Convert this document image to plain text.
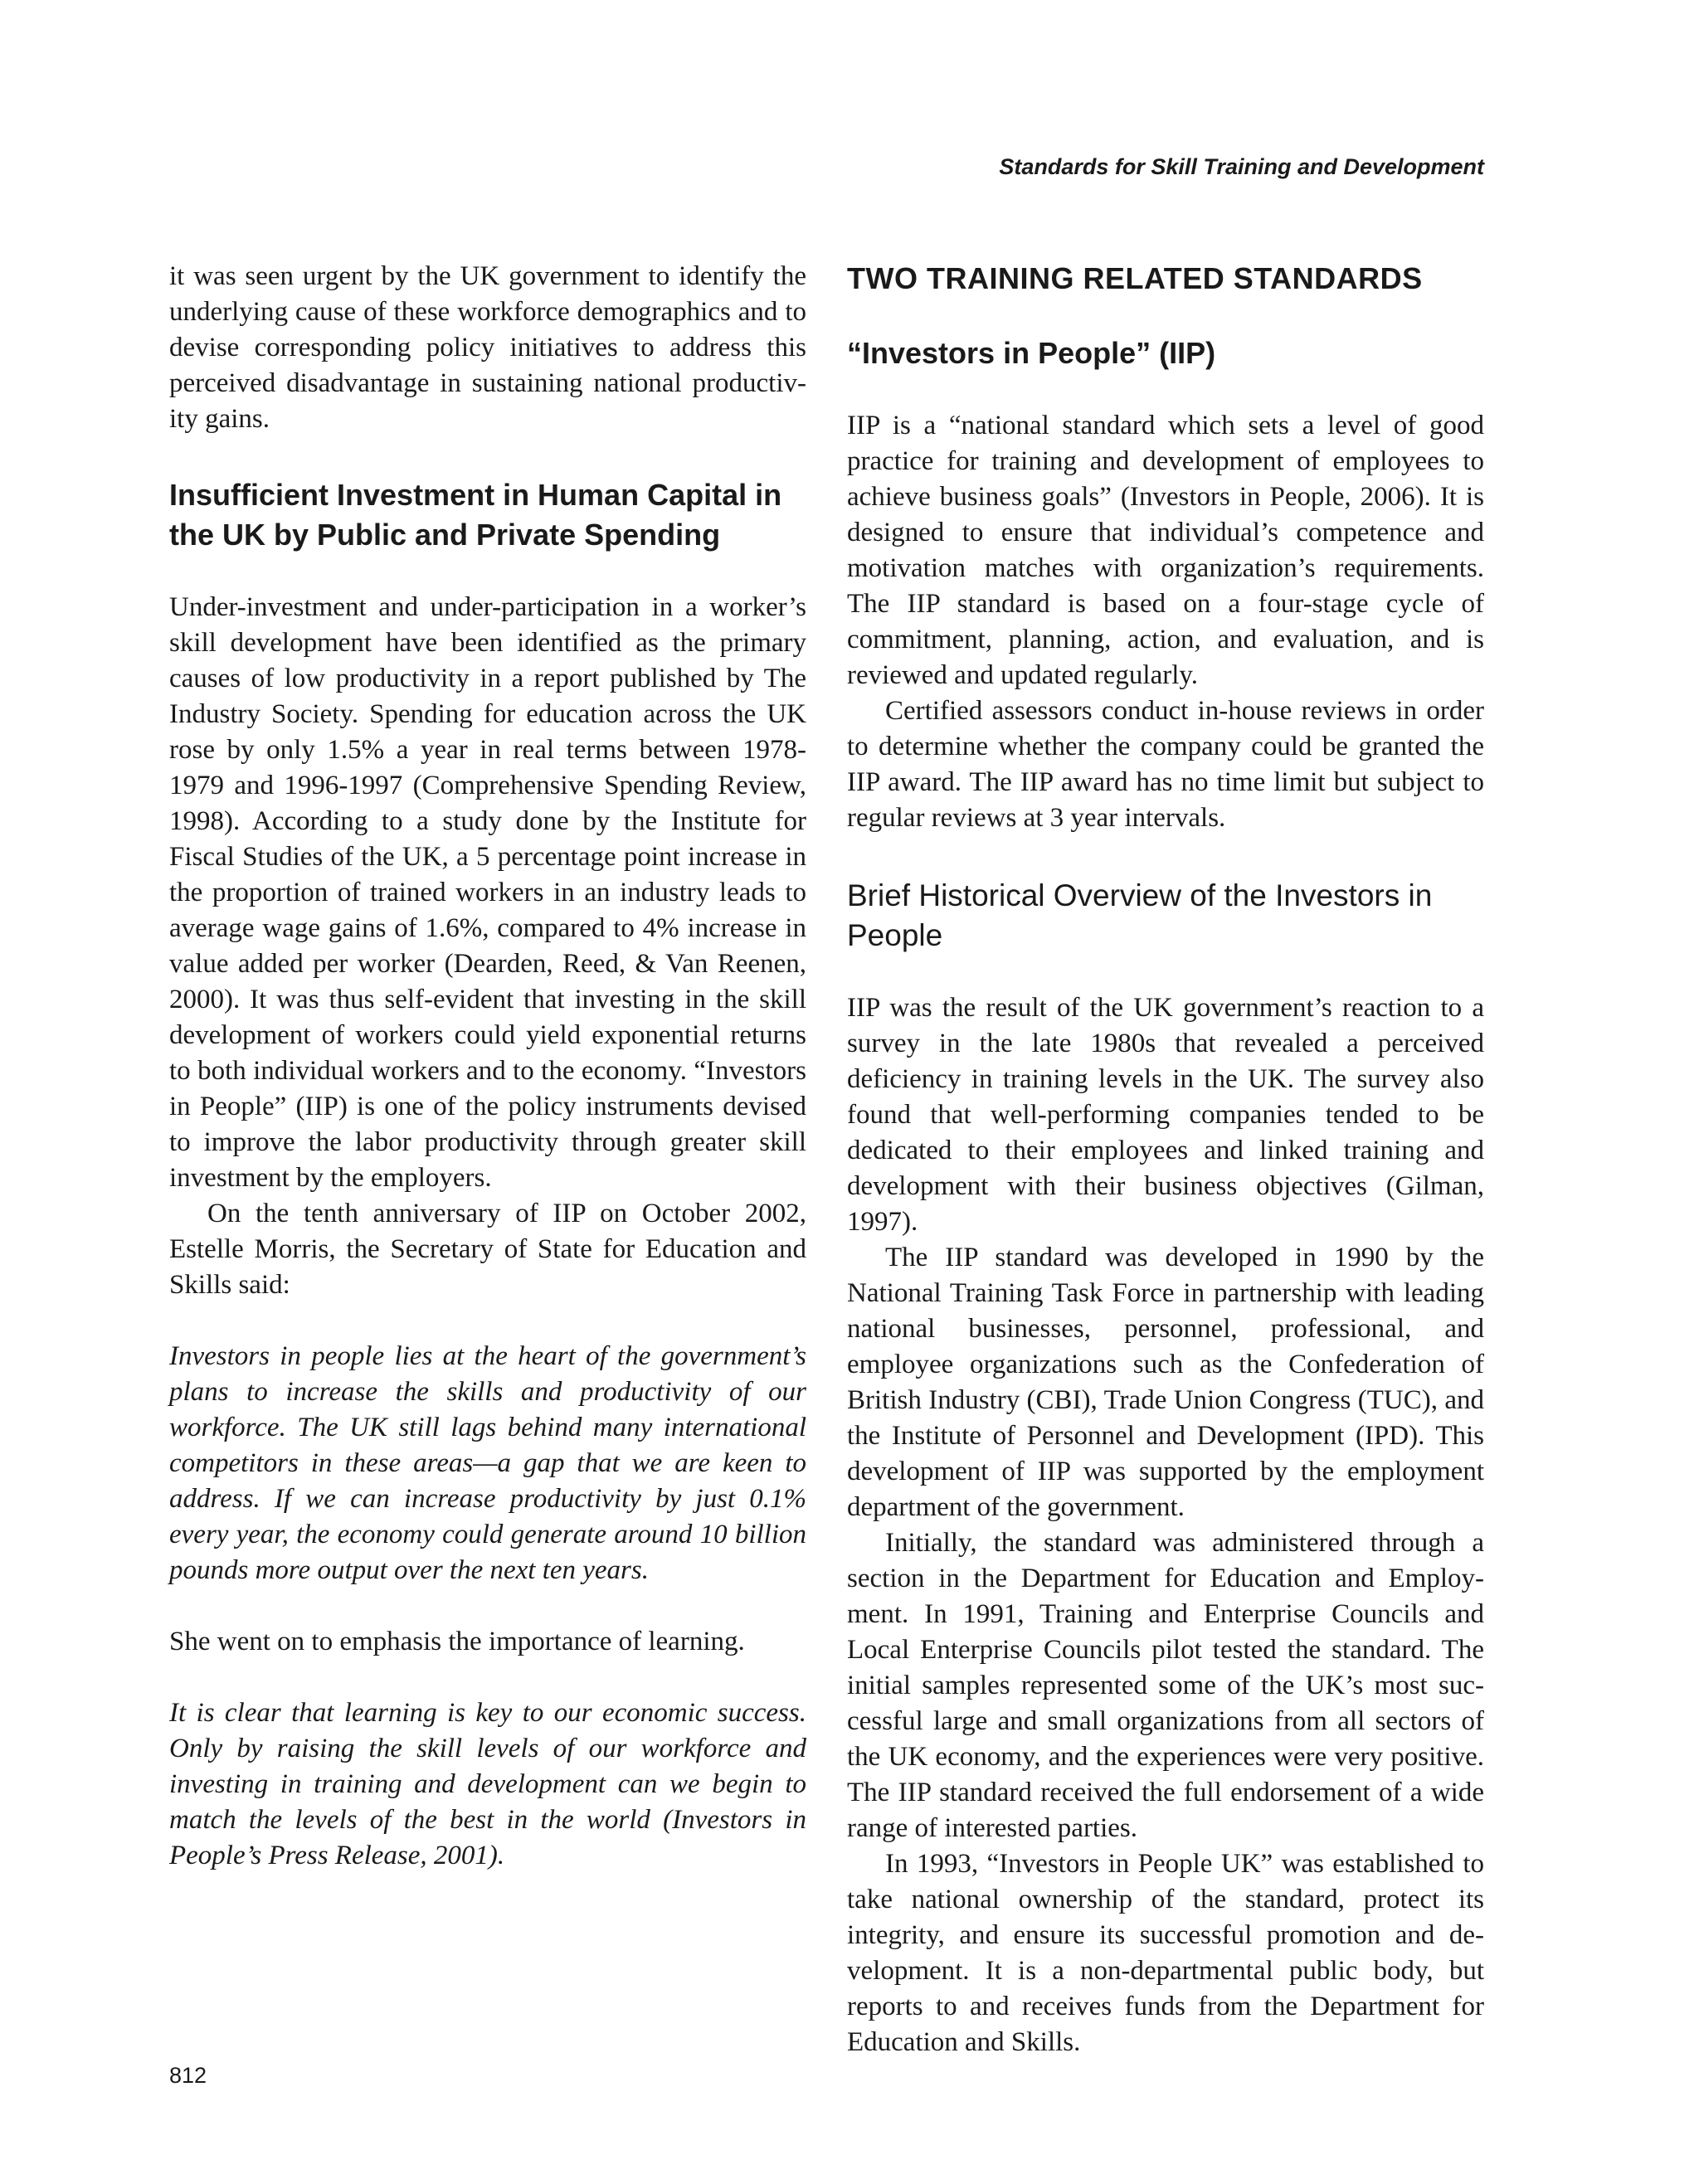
Standards for Skill Training and Development

it was seen urgent by the UK government to identify the underlying cause of these workforce demographics and to devise corresponding policy initiatives to address this perceived disadvantage in sustaining national productivity gains.

Insufficient Investment in Human Capital in the UK by Public and Private Spending

Under-investment and under-participation in a worker’s skill development have been identified as the primary causes of low productivity in a report published by The Industry Society. Spending for education across the UK rose by only 1.5% a year in real terms between 1978-1979 and 1996-1997 (Comprehensive Spending Review, 1998). According to a study done by the Institute for Fiscal Studies of the UK, a 5 percentage point increase in the proportion of trained workers in an industry leads to average wage gains of 1.6%, compared to 4% increase in value added per worker (Dearden, Reed, & Van Reenen, 2000). It was thus self-evident that investing in the skill development of workers could yield exponential returns to both individual workers and to the economy. “Investors in People” (IIP) is one of the policy instruments devised to improve the labor productivity through greater skill investment by the employers.

On the tenth anniversary of IIP on October 2002, Estelle Morris, the Secretary of State for Education and Skills said:

Investors in people lies at the heart of the government’s plans to increase the skills and productivity of our workforce. The UK still lags behind many international competitors in these areas—a gap that we are keen to address. If we can increase productivity by just 0.1% every year, the economy could generate around 10 billion pounds more output over the next ten years.

She went on to emphasis the importance of learning.

It is clear that learning is key to our economic success. Only by raising the skill levels of our workforce and investing in training and development can we begin to match the levels of the best in the world (Investors in People’s Press Release, 2001).

TWO TRAINING RELATED STANDARDS
“Investors in People” (IIP)

IIP is a “national standard which sets a level of good practice for training and development of employees to achieve business goals” (Investors in People, 2006). It is designed to ensure that individual’s competence and motivation matches with organization’s requirements. The IIP standard is based on a four-stage cycle of commitment, planning, action, and evaluation, and is reviewed and updated regularly.

Certified assessors conduct in-house reviews in order to determine whether the company could be granted the IIP award. The IIP award has no time limit but subject to regular reviews at 3 year intervals.

Brief Historical Overview of the Investors in People

IIP was the result of the UK government’s reaction to a survey in the late 1980s that revealed a perceived deficiency in training levels in the UK. The survey also found that well-performing companies tended to be dedicated to their employees and linked training and development with their business objectives (Gilman, 1997).

The IIP standard was developed in 1990 by the National Training Task Force in partnership with leading national businesses, personnel, professional, and employee organizations such as the Confederation of British Industry (CBI), Trade Union Congress (TUC), and the Institute of Personnel and Development (IPD). This development of IIP was supported by the employment department of the government.

Initially, the standard was administered through a section in the Department for Education and Employment. In 1991, Training and Enterprise Councils and Local Enterprise Councils pilot tested the standard. The initial samples represented some of the UK’s most successful large and small organizations from all sectors of the UK economy, and the experiences were very positive. The IIP standard received the full endorsement of a wide range of interested parties.

In 1993, “Investors in People UK” was established to take national ownership of the standard, protect its integrity, and ensure its successful promotion and development. It is a non-departmental public body, but reports to and receives funds from the Department for Education and Skills.

812
